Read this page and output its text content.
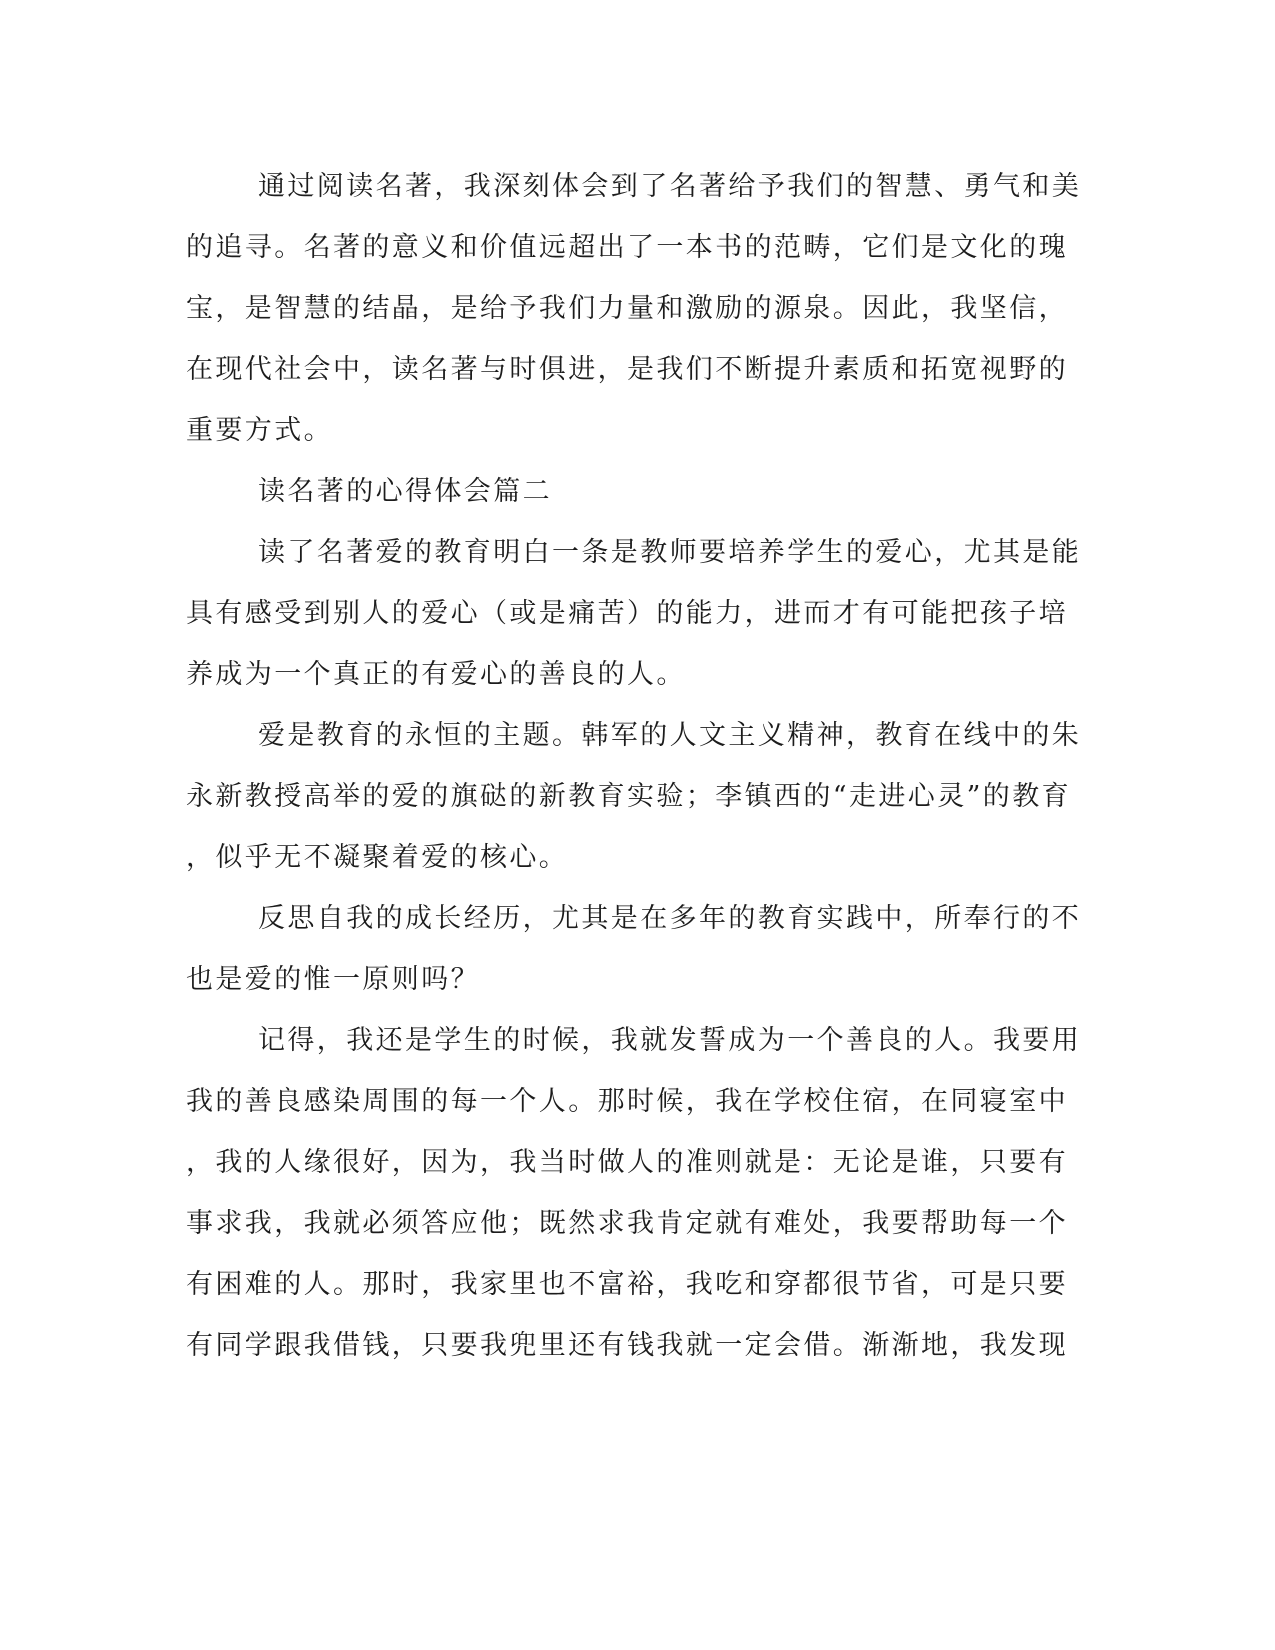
通过阅读名著，我深刻体会到了名著给予我们的智慧、勇气和美
的追寻。名著的意义和价值远超出了一本书的范畴，它们是文化的瑰
宝，是智慧的结晶，是给予我们力量和激励的源泉。因此，我坚信，
在现代社会中，读名著与时俱进，是我们不断提升素质和拓宽视野的
重要方式。
读名著的心得体会篇二
读了名著爱的教育明白一条是教师要培养学生的爱心，尤其是能
具有感受到别人的爱心（或是痛苦）的能力，进而才有可能把孩子培
养成为一个真正的有爱心的善良的人。
爱是教育的永恒的主题。韩军的人文主义精神，教育在线中的朱
永新教授高举的爱的旗鿎的新教育实验；李镇西的“走进心灵”的教育
，似乎无不凝聚着爱的核心。
反思自我的成长经历，尤其是在多年的教育实践中，所奉行的不
也是爱的惟一原则吗？
记得，我还是学生的时候，我就发誓成为一个善良的人。我要用
我的善良感染周围的每一个人。那时候，我在学校住宿，在同寝室中
，我的人缘很好，因为，我当时做人的准则就是：无论是谁，只要有
事求我，我就必须答应他；既然求我肯定就有难处，我要帮助每一个
有困难的人。那时，我家里也不富裕，我吃和穿都很节省，可是只要
有同学跟我借钱，只要我兜里还有钱我就一定会借。渐渐地，我发现
